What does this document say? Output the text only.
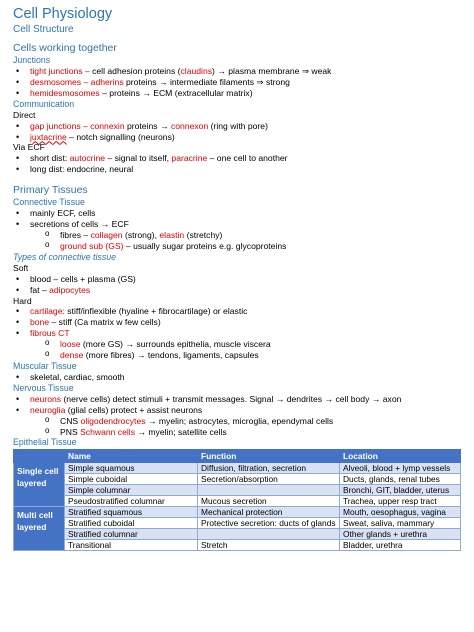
Cell Physiology

Cell Structure

Cells working together

Junctions

• tight junctions – cell adhesion proteins (claudins) → plasma membrane ⇒ weak
• desmosomes – adherins proteins → intermediate filaments ⇒ strong
• hemidesmosomes – proteins → ECM (extracellular matrix)

Communication

Direct

• gap junctions – connexin proteins → connexon (ring with pore)
• juxtacrine – notch signalling (neurons)

Via ECF

• short dist: autocrine – signal to itself, paracrine – one cell to another
• long dist: endocrine, neural

Primary Tissues

Connective Tissue

• mainly ECF, cells
• secretions of cells → ECF
o fibres – collagen (strong), elastin (stretchy)
o ground sub (GS) – usually sugar proteins e.g. glycoproteins

Types of connective tissue

Soft

• blood – cells + plasma (GS)
• fat – adipocytes

Hard

• cartilage: stiff/inflexible (hyaline + fibrocartilage) or elastic
• bone – stiff (Ca matrix w few cells)
• fibrous CT
o loose (more GS) → surrounds epithelia, muscle viscera
o dense (more fibres) → tendons, ligaments, capsules

Muscular Tissue

• skeletal, cardiac, smooth

Nervous Tissue

• neurons (nerve cells) detect stimuli + transmit messages. Signal → dendrites → cell body → axon
• neuroglia (glial cells) protect + assist neurons
o CNS oligodendrocytes → myelin; astrocytes, microglia, ependymal cells
o PNS Schwann cells → myelin; satellite cells

Epithelial Tissue

	Name	Function	Location
Single cell layered	Simple squamous	Diffusion, filtration, secretion	Alveoli, blood + lymp vessels
	Simple cuboidal	Secretion/absorption	Ducts, glands, renal tubes
	Simple columnar		Bronchi, GIT, bladder, uterus
	Pseudostratified columnar	Mucous secretion	Trachea, upper resp tract
Multi cell layered	Stratified squamous	Mechanical protection	Mouth, oesophagus, vagina
	Stratified cuboidal	Protective secretion: ducts of glands	Sweat, saliva, mammary
	Stratified columnar		Other glands + urethra
	Transitional	Stretch	Bladder, urethra
